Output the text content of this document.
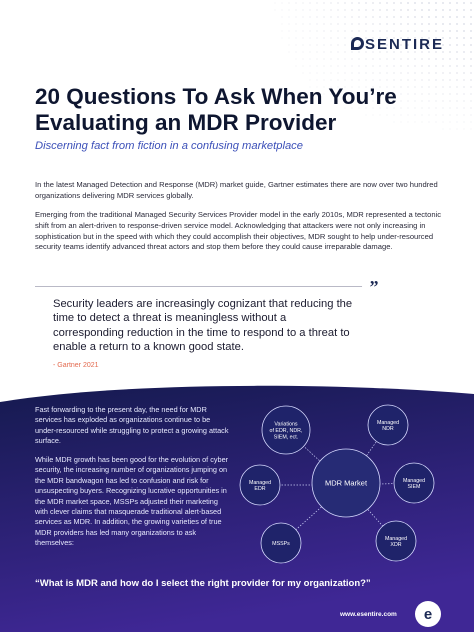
SENTIRE
20 Questions To Ask When You’re Evaluating an MDR Provider
Discerning fact from fiction in a confusing marketplace
In the latest Managed Detection and Response (MDR) market guide, Gartner estimates there are now over two hundred organizations delivering MDR services globally.
Emerging from the traditional Managed Security Services Provider model in the early 2010s, MDR represented a tectonic shift from an alert-driven to response-driven service model. Acknowledging that attackers were not only increasing in sophistication but in the speed with which they could accomplish their objectives, MDR sought to help under-resourced security teams identify advanced threat actors and stop them before they could cause irreparable damage.
”
Security leaders are increasingly cognizant that reducing the time to detect a threat is meaningless without a corresponding reduction in the time to respond to a threat to enable a return to a known good state.
- Gartner 2021
Fast forwarding to the present day, the need for MDR services has exploded as organizations continue to be under-resourced while struggling to protect a growing attack surface.
While MDR growth has been good for the evolution of cyber security, the increasing number of organizations jumping on the MDR bandwagon has led to confusion and risk for unsuspecting buyers. Recognizing lucrative opportunities in the MDR market space, MSSPs adjusted their marketing with clever claims that masquerade traditional alert-based services as MDR. In addition, the growing varieties of true MDR providers has led many organizations to ask themselves:
MDR Market
Variations
of EDR, NDR,
SIEM, ect.
Managed
NDR
Managed
EDR
Managed
SIEM
MSSPs
Managed
XDR
“What is MDR and how do I select the right provider for my organization?”
www.esentire.com e
